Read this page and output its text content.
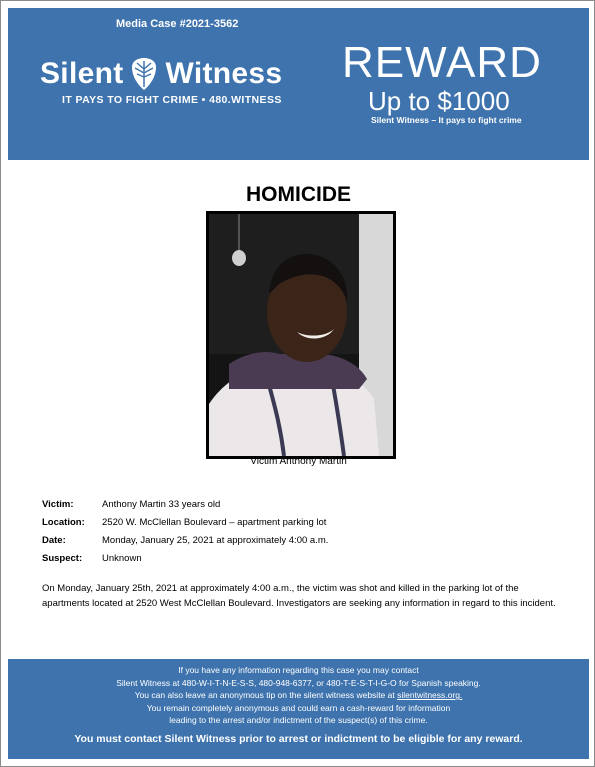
Media Case #2021-3562
Silent Witness
IT PAYS TO FIGHT CRIME • 480.WITNESS
REWARD
Up to $1000
Silent Witness – It pays to fight crime
HOMICIDE
Victim Anthony Martin
Victim:	Anthony Martin 33 years old
Location:	2520 W. McClellan Boulevard – apartment parking lot
Date:	Monday, January 25, 2021 at approximately 4:00 a.m.
Suspect:	Unknown
On Monday, January 25th, 2021 at approximately 4:00 a.m., the victim was shot and killed in the parking lot of the apartments located at 2520 West McClellan Boulevard. Investigators are seeking any information in regard to this incident.
If you have any information regarding this case you may contact
Silent Witness at 480-W-I-T-N-E-S-S, 480-948-6377, or 480-T-E-S-T-I-G-O for Spanish speaking.
You can also leave an anonymous tip on the silent witness website at silentwitness.org.
You remain completely anonymous and could earn a cash-reward for information
leading to the arrest and/or indictment of the suspect(s) of this crime.
You must contact Silent Witness prior to arrest or indictment to be eligible for any reward.
